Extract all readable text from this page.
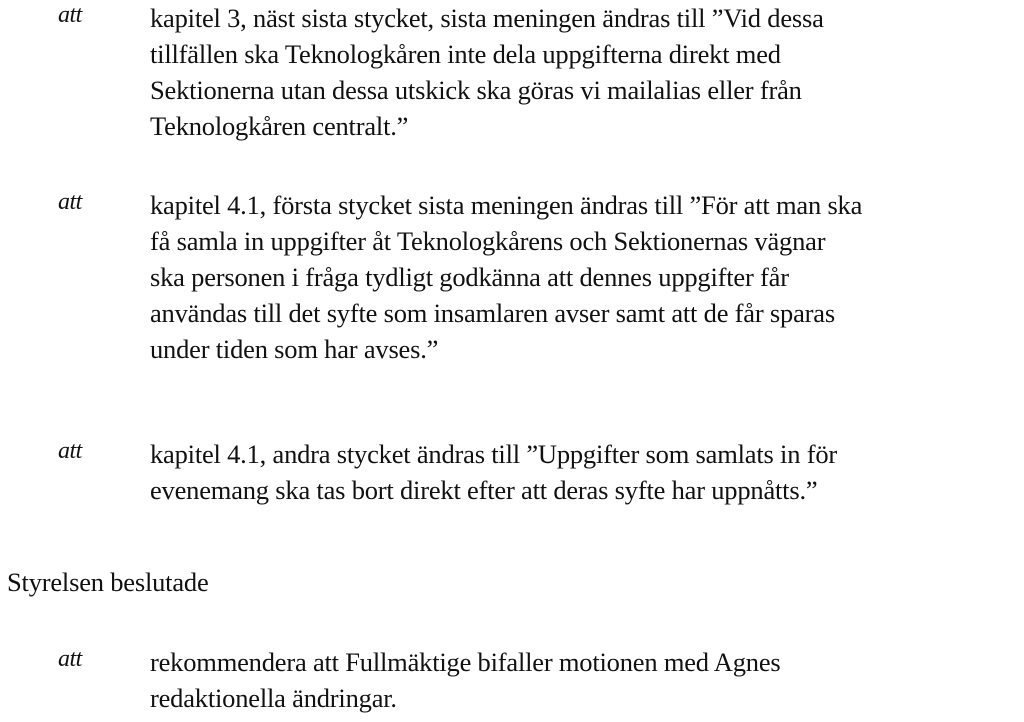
att	kapitel 3, näst sista stycket, sista meningen ändras till ”Vid dessa
tillfällen ska Teknologkåren inte dela uppgifterna direkt med
Sektionerna utan dessa utskick ska göras vi mailalias eller från
Teknologkåren centralt.”
att	kapitel 4.1, första stycket sista meningen ändras till ”För att man ska
få samla in uppgifter åt Teknologkårens och Sektionernas vägnar
ska personen i fråga tydligt godkänna att dennes uppgifter får
användas till det syfte som insamlaren avser samt att de får sparas
under tiden som har avses.”
att	kapitel 4.1, andra stycket ändras till ”Uppgifter som samlats in för
evenemang ska tas bort direkt efter att deras syfte har uppnåtts.”
Styrelsen beslutade
att	rekommendera att Fullmäktige bifaller motionen med Agnes
redaktionella ändringar.
